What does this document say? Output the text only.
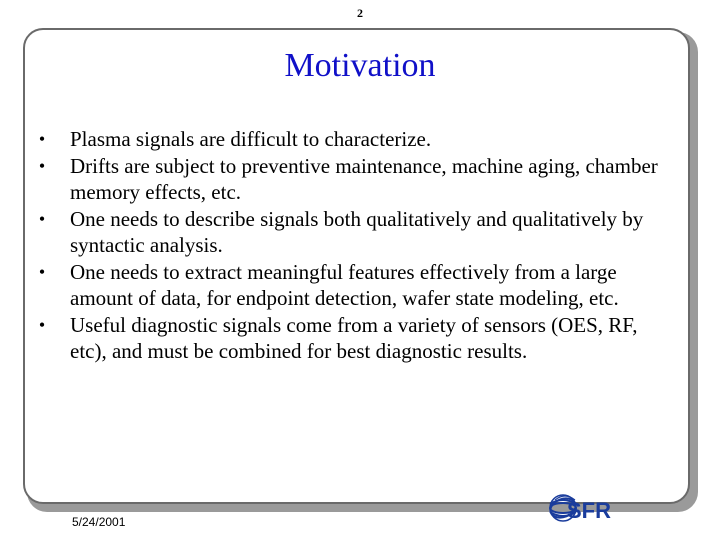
2
Motivation
•	Plasma signals are difficult to characterize.
•	Drifts are subject to preventive maintenance, machine aging, chamber memory effects, etc.
•	One needs to describe signals both qualitatively and qualitatively by syntactic analysis.
•	One needs to extract meaningful features effectively from a large amount of data, for endpoint detection, wafer state modeling, etc.
•	Useful diagnostic signals come from a variety of sensors (OES, RF, etc), and must be combined for best diagnostic results.
5/24/2001	SFR
